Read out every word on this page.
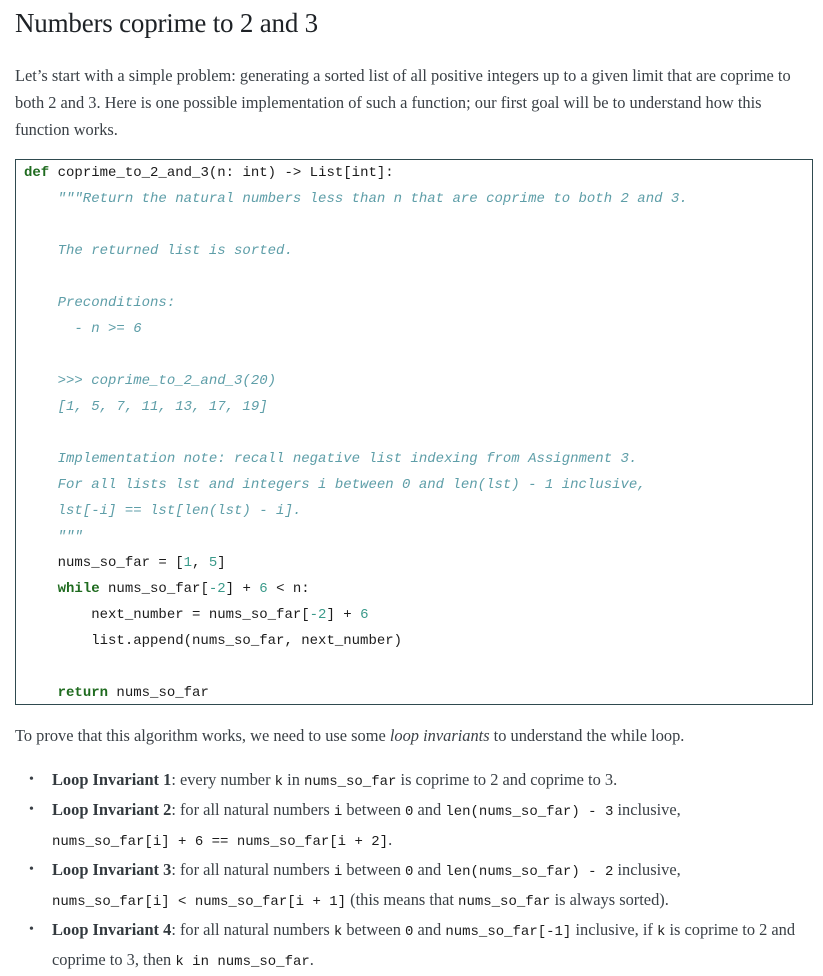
Numbers coprime to 2 and 3

Let’s start with a simple problem: generating a sorted list of all positive integers up to a given limit that are coprime to both 2 and 3. Here is one possible implementation of such a function; our first goal will be to understand how this function works.

def coprime_to_2_and_3(n: int) -> List[int]:
"""Return the natural numbers less than n that are coprime to both 2 and 3.
The returned list is sorted.
Preconditions:
- n >= 6
>>> coprime_to_2_and_3(20)
[1, 5, 7, 11, 13, 17, 19]
Implementation note: recall negative list indexing from Assignment 3.
For all lists lst and integers i between 0 and len(lst) - 1 inclusive,
lst[-i] == lst[len(lst) - i].
"""
nums_so_far = [1, 5]
while nums_so_far[-2] + 6 < n:
next_number = nums_so_far[-2] + 6
list.append(nums_so_far, next_number)
return nums_so_far

To prove that this algorithm works, we need to use some loop invariants to understand the while loop.

• Loop Invariant 1: every number k in nums_so_far is coprime to 2 and coprime to 3.
• Loop Invariant 2: for all natural numbers i between 0 and len(nums_so_far) - 3 inclusive,
nums_so_far[i] + 6 == nums_so_far[i + 2].
• Loop Invariant 3: for all natural numbers i between 0 and len(nums_so_far) - 2 inclusive,
nums_so_far[i] < nums_so_far[i + 1] (this means that nums_so_far is always sorted).
• Loop Invariant 4: for all natural numbers k between 0 and nums_so_far[-1] inclusive, if k is coprime to 2 and coprime to 3, then k in nums_so_far.
